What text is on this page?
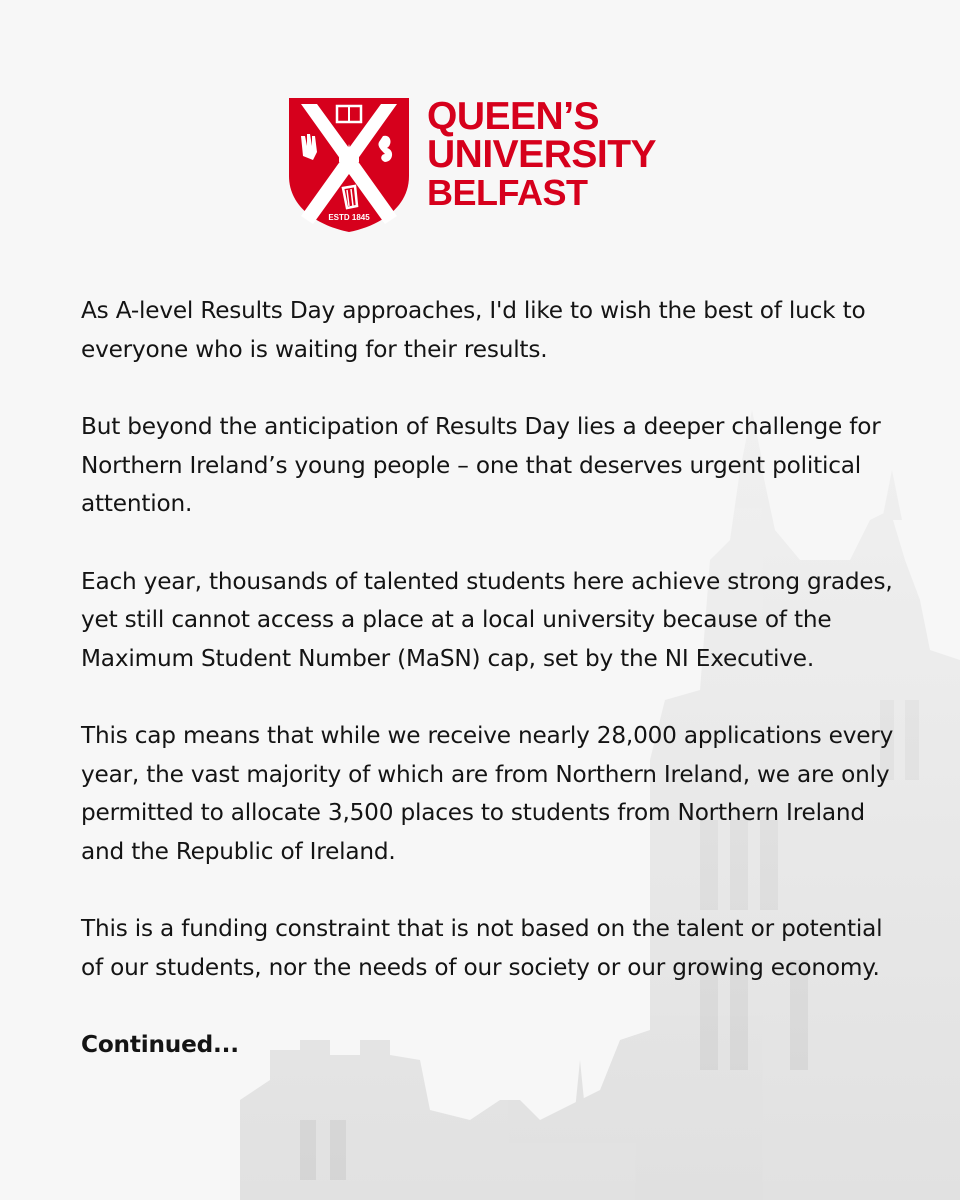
ESTD 1845
QUEEN’S
UNIVERSITY
BELFAST

As A-level Results Day approaches, I'd like to wish the best of luck to everyone who is waiting for their results.

But beyond the anticipation of Results Day lies a deeper challenge for Northern Ireland’s young people – one that deserves urgent political attention.

Each year, thousands of talented students here achieve strong grades, yet still cannot access a place at a local university because of the Maximum Student Number (MaSN) cap, set by the NI Executive.

This cap means that while we receive nearly 28,000 applications every year, the vast majority of which are from Northern Ireland, we are only permitted to allocate 3,500 places to students from Northern Ireland and the Republic of Ireland.

This is a funding constraint that is not based on the talent or potential of our students, nor the needs of our society or our growing economy.

Continued...
